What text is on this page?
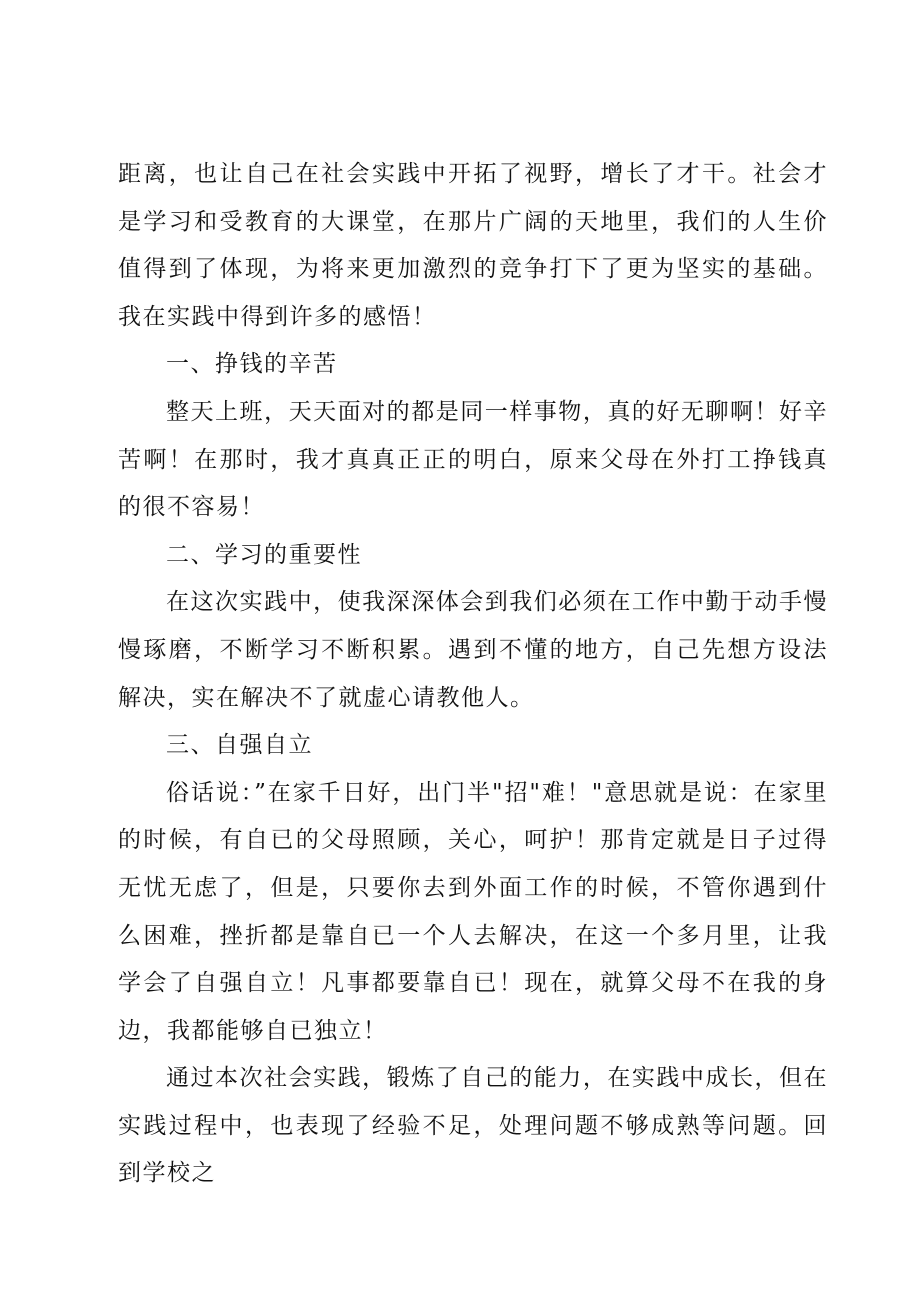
距离，也让自己在社会实践中开拓了视野，增长了才干。社会才是学习和受教育的大课堂，在那片广阔的天地里，我们的人生价值得到了体现，为将来更加激烈的竞争打下了更为坚实的基础。我在实践中得到许多的感悟！

一、挣钱的辛苦

整天上班，天天面对的都是同一样事物，真的好无聊啊！好辛苦啊！在那时，我才真真正正的明白，原来父母在外打工挣钱真的很不容易！

二、学习的重要性

在这次实践中，使我深深体会到我们必须在工作中勤于动手慢慢琢磨，不断学习不断积累。遇到不懂的地方，自己先想方设法解决，实在解决不了就虚心请教他人。

三、自强自立

俗话说：”在家千日好，出门半"招"难！"意思就是说：在家里的时候，有自已的父母照顾，关心，呵护！那肯定就是日子过得无忧无虑了，但是，只要你去到外面工作的时候，不管你遇到什么困难，挫折都是靠自已一个人去解决，在这一个多月里，让我学会了自强自立！凡事都要靠自已！现在，就算父母不在我的身边，我都能够自已独立！

通过本次社会实践，锻炼了自己的能力，在实践中成长，但在实践过程中，也表现了经验不足，处理问题不够成熟等问题。回到学校之
